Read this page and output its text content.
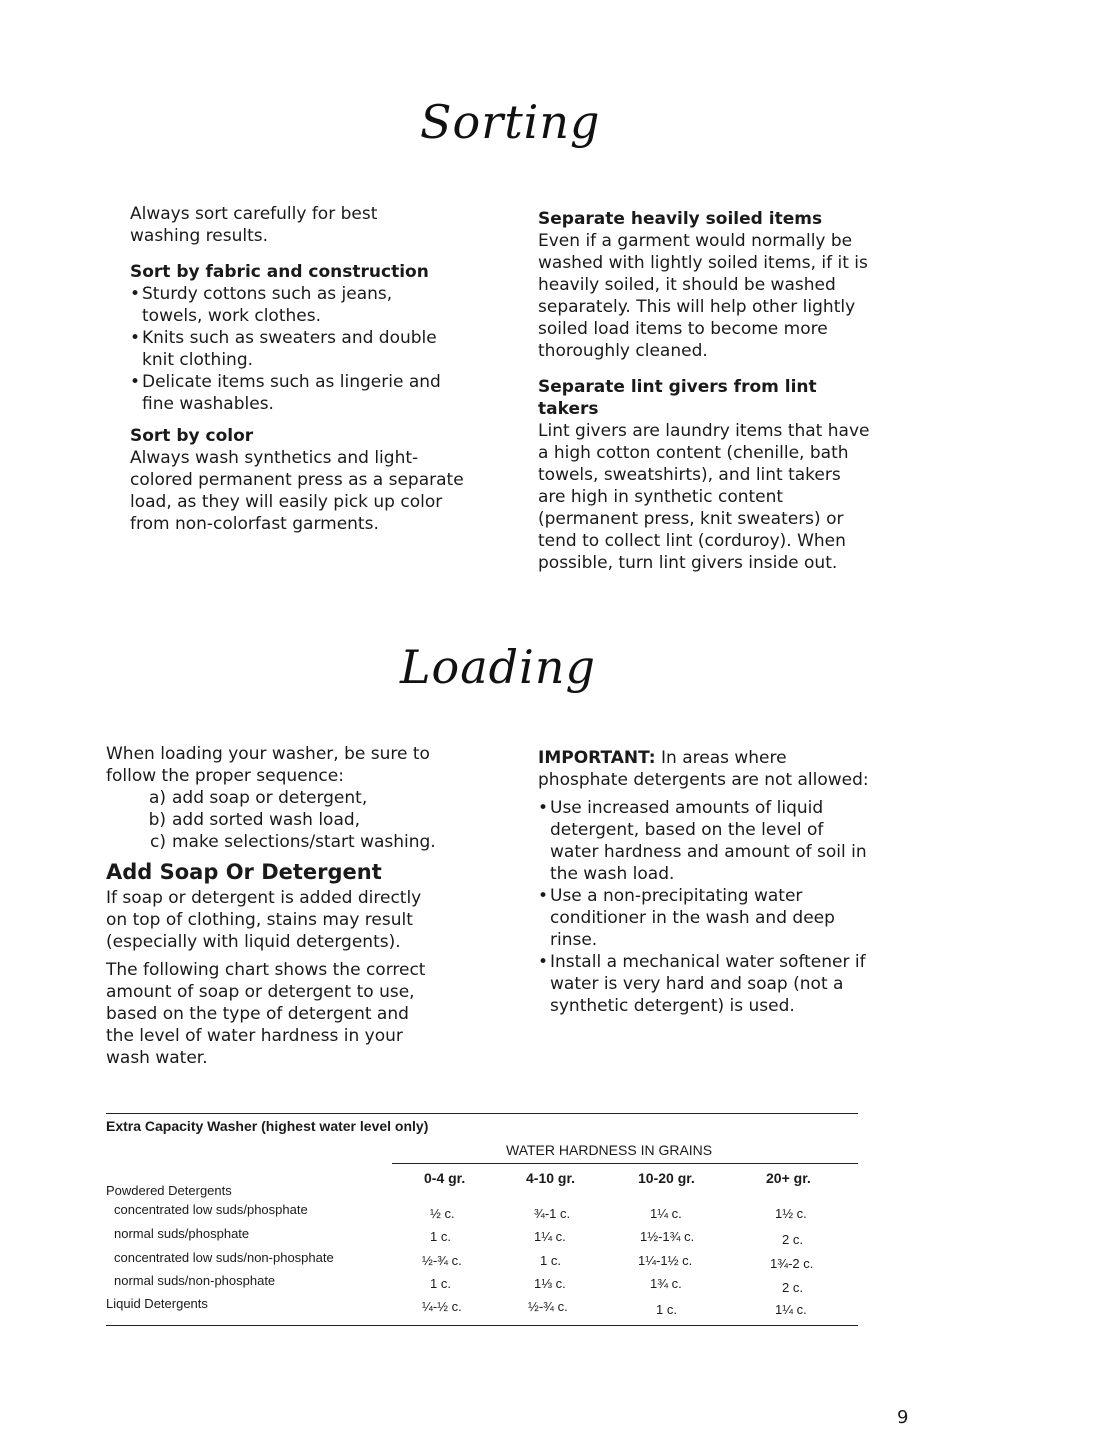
Sorting

Always sort carefully for best washing results.

Sort by fabric and construction
• Sturdy cottons such as jeans, towels, work clothes.
• Knits such as sweaters and double knit clothing.
• Delicate items such as lingerie and fine washables.
Sort by color

Always wash synthetics and light-colored permanent press as a separate load, as they will easily pick up color from non-colorfast garments.

Separate heavily soiled items

Even if a garment would normally be washed with lightly soiled items, if it is heavily soiled, it should be washed separately. This will help other lightly soiled load items to become more thoroughly cleaned.

Separate lint givers from lint takers

Lint givers are laundry items that have a high cotton content (chenille, bath towels, sweatshirts), and lint takers are high in synthetic content (permanent press, knit sweaters) or tend to collect lint (corduroy). When possible, turn lint givers inside out.

Loading

When loading your washer, be sure to follow the proper sequence:

a) add soap or detergent,
b) add sorted wash load,
c) make selections/start washing.
Add Soap Or Detergent

If soap or detergent is added directly on top of clothing, stains may result (especially with liquid detergents).

The following chart shows the correct amount of soap or detergent to use, based on the type of detergent and the level of water hardness in your wash water.

IMPORTANT: In areas where phosphate detergents are not allowed:

• Use increased amounts of liquid detergent, based on the level of water hardness and amount of soil in the wash load.
• Use a non-precipitating water conditioner in the wash and deep rinse.
• Install a mechanical water softener if water is very hard and soap (not a synthetic detergent) is used.
Extra Capacity Washer (highest water level only)
WATER HARDNESS IN GRAINS
0-4 gr.	4-10 gr.	10-20 gr.	20+ gr.
Powdered Detergents
concentrated low suds/phosphate	½ c.	¾-1 c.	1¼ c.	1½ c.
normal suds/phosphate	1 c.	1¼ c.	1½-1¾ c.	2 c.
concentrated low suds/non-phosphate	½-¾ c.	1 c.	1¼-1½ c.	1¾-2 c.
normal suds/non-phosphate	1 c.	1⅓ c.	1¾ c.	2 c.
Liquid Detergents	¼-½ c.	½-¾ c.	1 c.	1¼ c.
9
